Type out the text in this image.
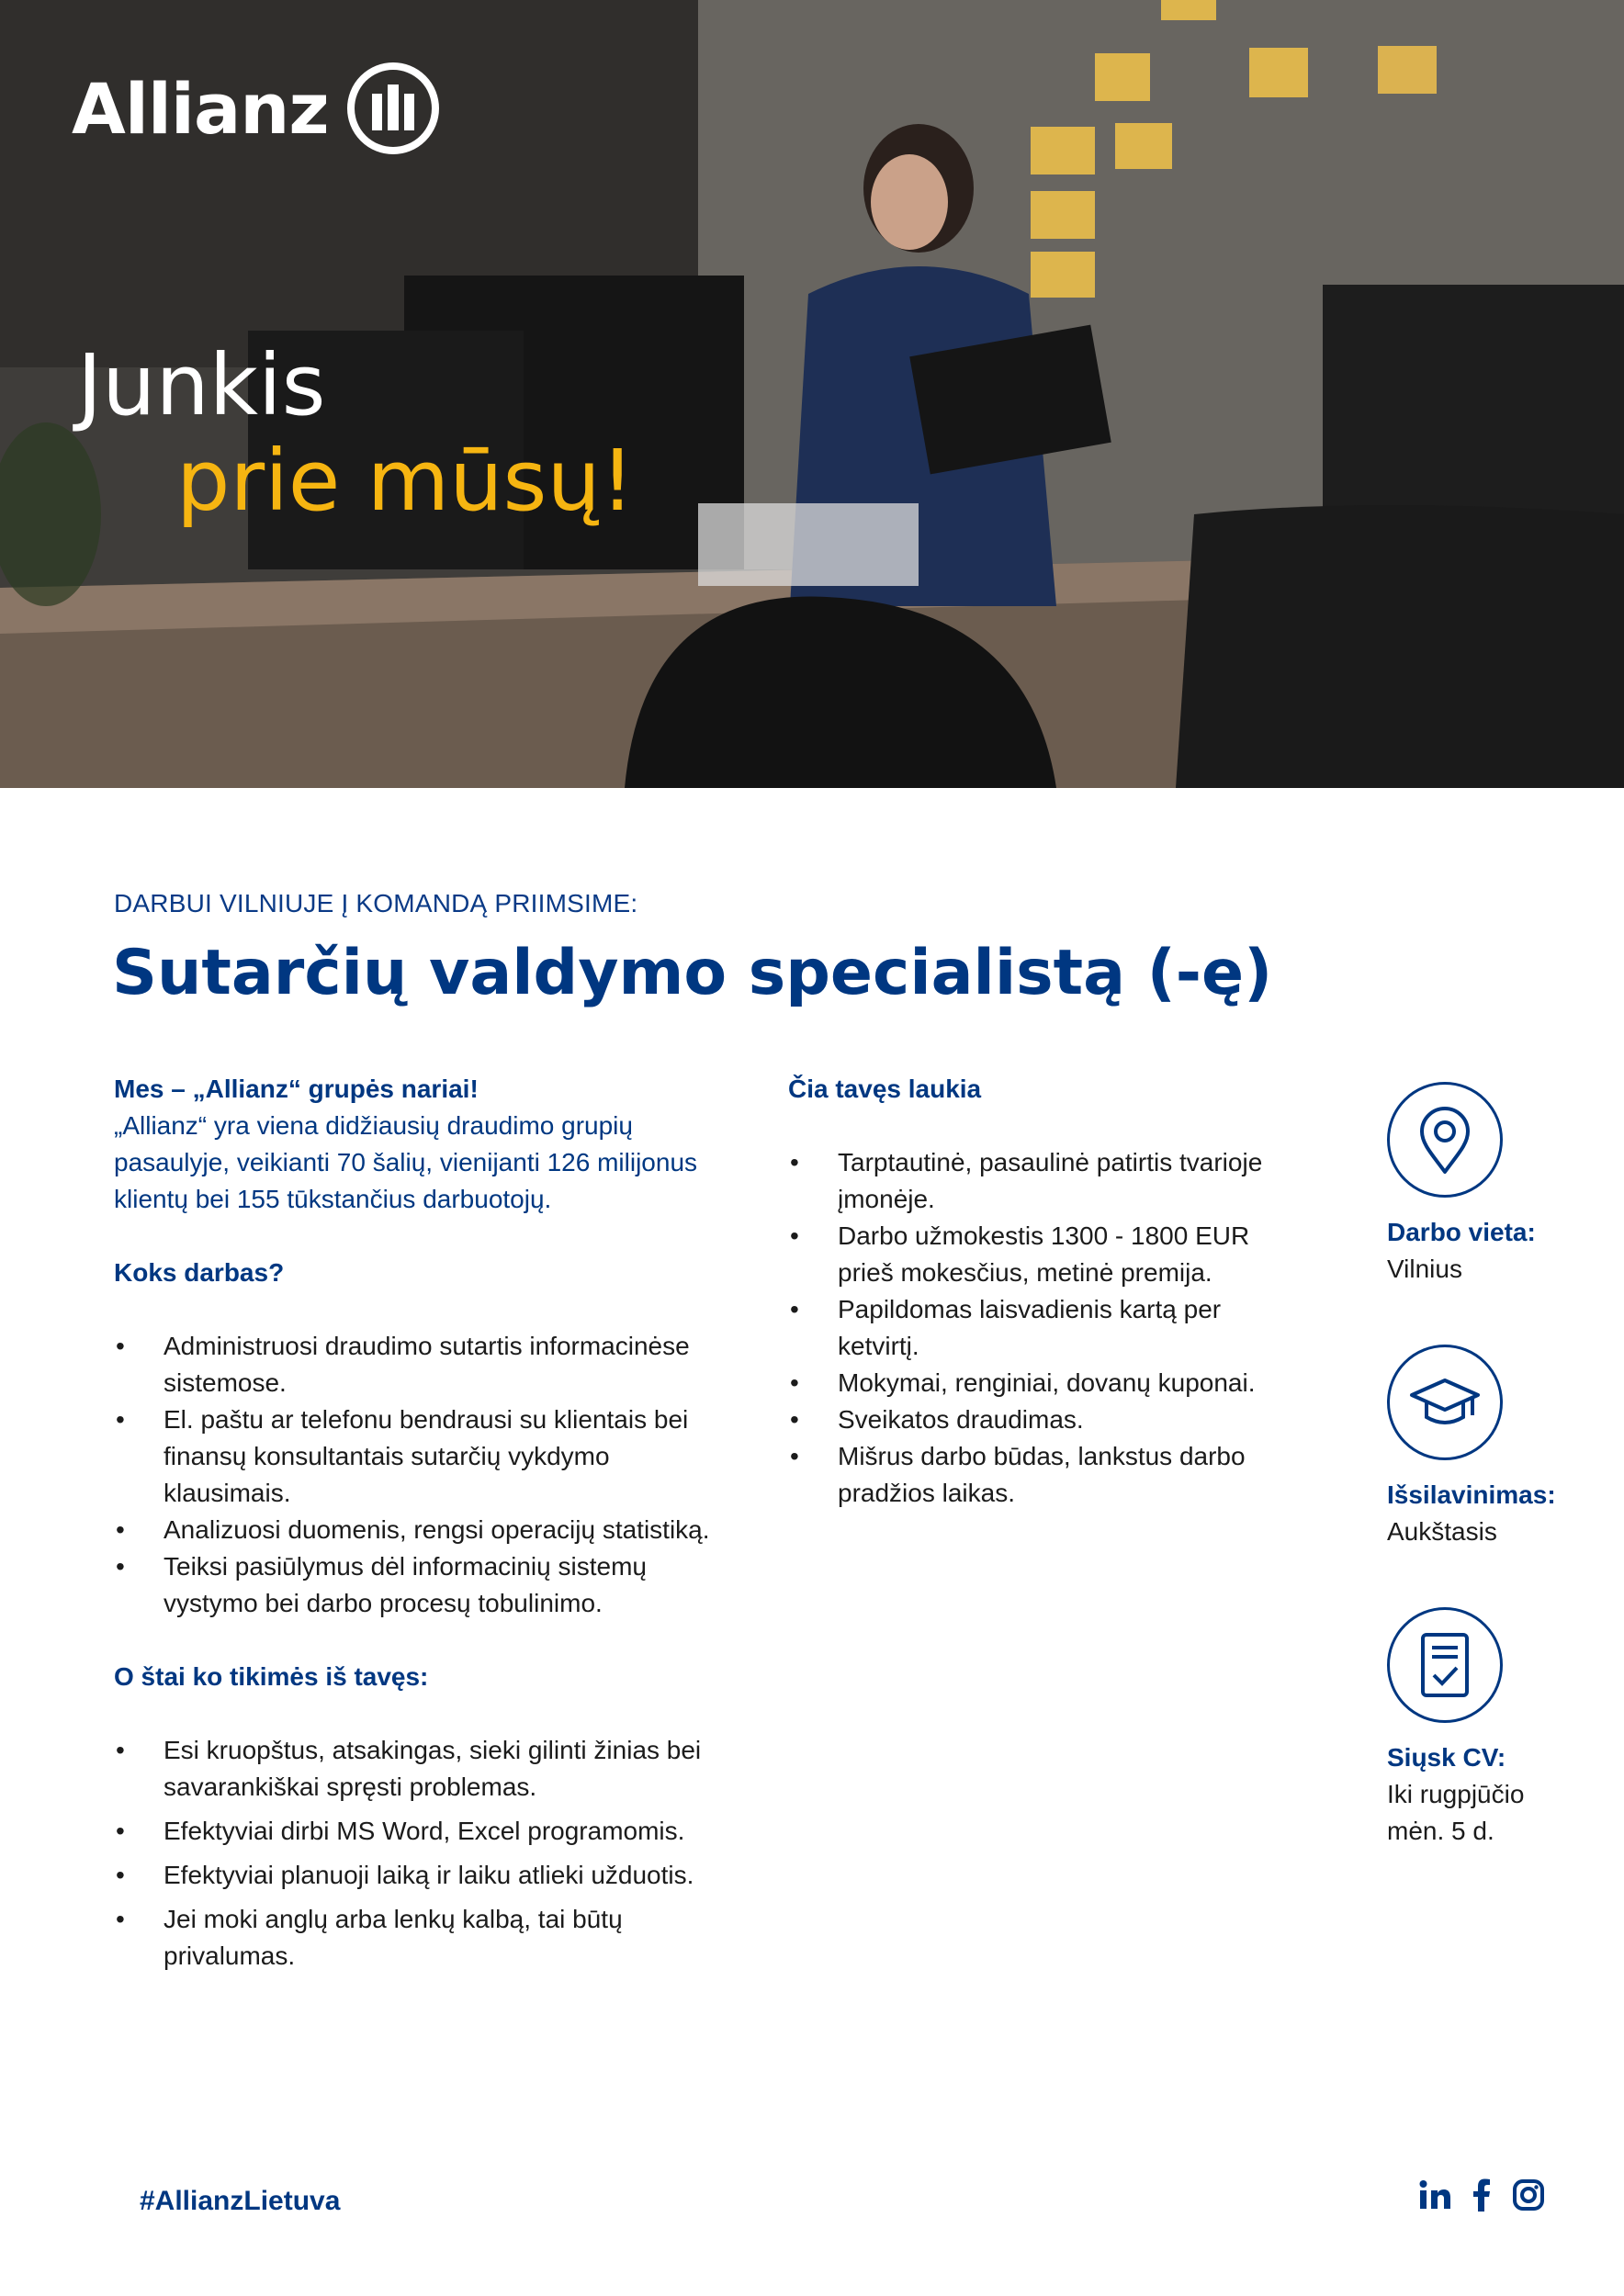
Allianz
Junkis
prie mūsų!
DARBUI VILNIUJE Į KOMANDĄ PRIIMSIME:
Sutarčių valdymo specialistą (-ę)
Mes – „Allianz“ grupės nariai!
„Allianz“ yra viena didžiausių draudimo grupių pasaulyje, veikianti 70 šalių, vienijanti 126 milijonus klientų bei 155 tūkstančius darbuotojų.
Koks darbas?
• Administruosi draudimo sutartis informacinėse sistemose.
• El. paštu ar telefonu bendrausi su klientais bei finansų konsultantais sutarčių vykdymo klausimais.
• Analizuosi duomenis, rengsi operacijų statistiką.
• Teiksi pasiūlymus dėl informacinių sistemų vystymo bei darbo procesų tobulinimo.
O štai ko tikimės iš tavęs:
• Esi kruopštus, atsakingas, sieki gilinti žinias bei savarankiškai spręsti problemas.
• Efektyviai dirbi MS Word, Excel programomis.
• Efektyviai planuoji laiką ir laiku atlieki užduotis.
• Jei moki anglų arba lenkų kalbą, tai būtų privalumas.
Čia tavęs laukia
• Tarptautinė, pasaulinė patirtis tvarioje įmonėje.
• Darbo užmokestis 1300 - 1800 EUR prieš mokesčius, metinė premija.
• Papildomas laisvadienis kartą per ketvirtį.
• Mokymai, renginiai, dovanų kuponai.
• Sveikatos draudimas.
• Mišrus darbo būdas, lankstus darbo pradžios laikas.
Darbo vieta:
Vilnius
Išsilavinimas:
Aukštasis
Siųsk CV:
Iki rugpjūčio mėn. 5 d.
#AllianzLietuva
